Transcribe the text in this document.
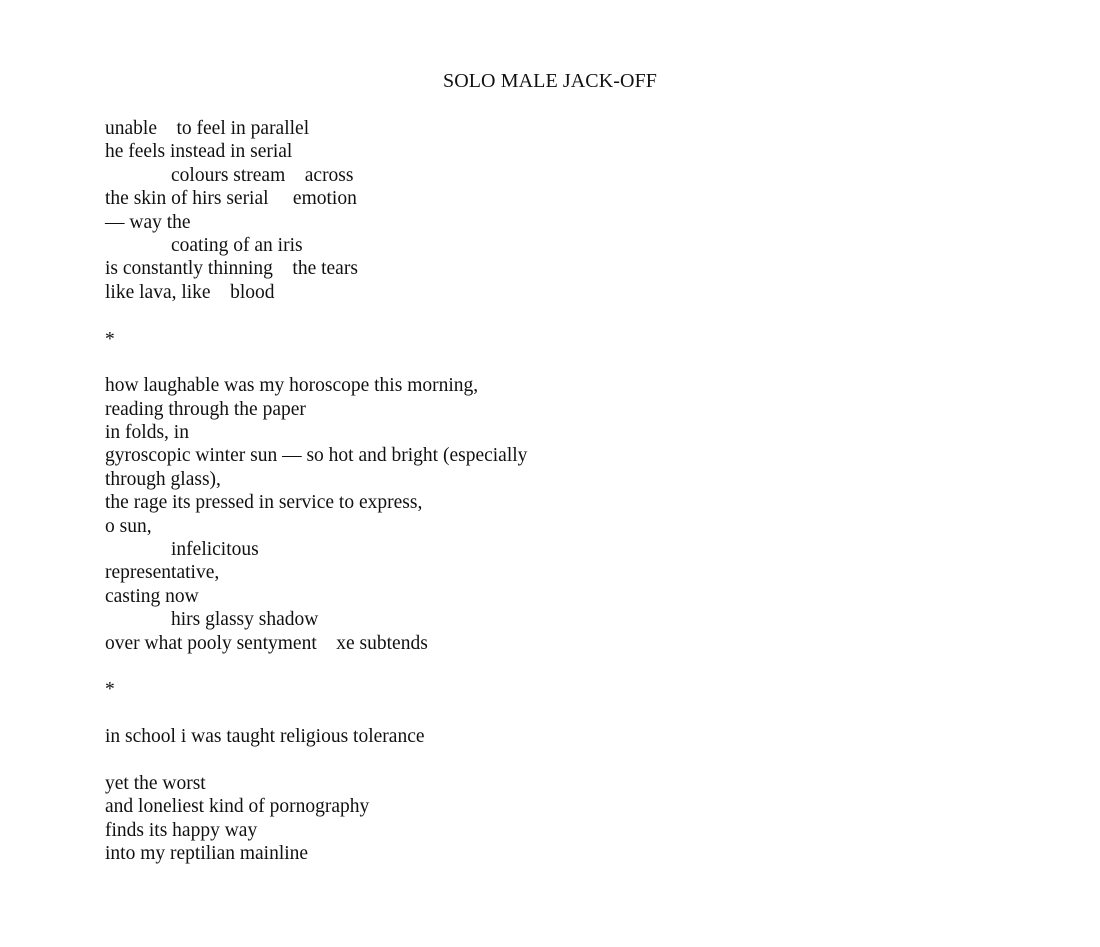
SOLO MALE JACK-OFF
unable    to feel in parallel
he feels instead in serial
colours stream    across
the skin of hirs serial     emotion
— way the
coating of an iris
is constantly thinning    the tears
like lava, like    blood
*
how laughable was my horoscope this morning,
reading through the paper
in folds, in
gyroscopic winter sun — so hot and bright (especially
through glass),
the rage its pressed in service to express,
o sun,
infelicitous
representative,
casting now
hirs glassy shadow
over what pooly sentyment    xe subtends
*
in school i was taught religious tolerance
yet the worst
and loneliest kind of pornography
finds its happy way
into my reptilian mainline
